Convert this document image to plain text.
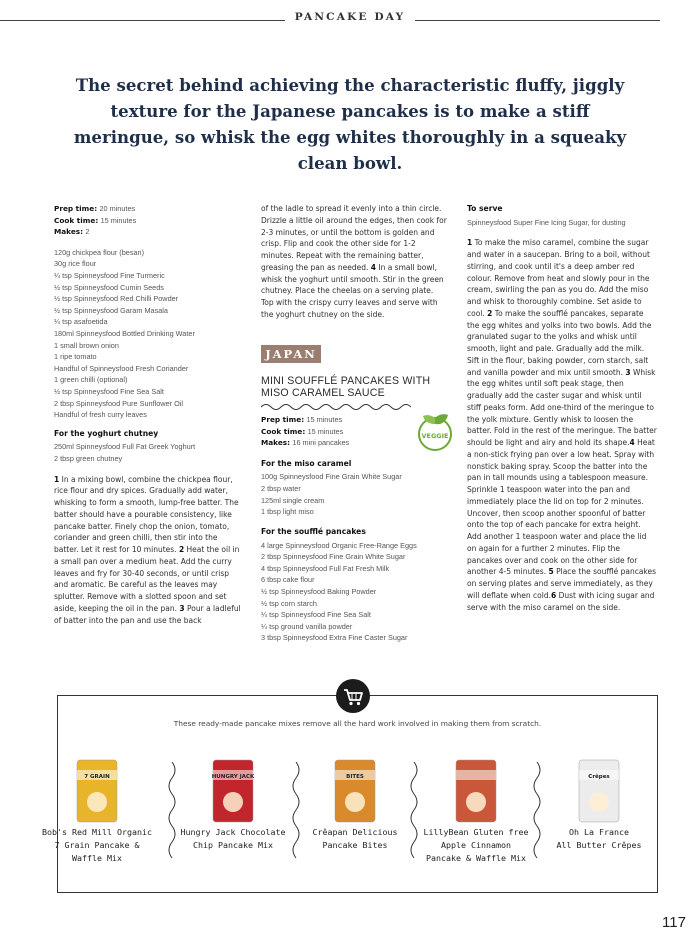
PANCAKE DAY
The secret behind achieving the characteristic fluffy, jiggly texture for the Japanese pancakes is to make a stiff meringue, so whisk the egg whites thoroughly in a squeaky clean bowl.
Prep time: 20 minutes
Cook time: 15 minutes
Makes: 2
120g chickpea flour (besan)
30g rice flour
¼ tsp Spinneysfood Fine Turmeric
½ tsp Spinneysfood Cumin Seeds
½ tsp Spinneysfood Red Chilli Powder
½ tsp Spinneysfood Garam Masala
¼ tsp asafoetida
180ml Spinneysfood Bottled Drinking Water
1 small brown onion
1 ripe tomato
Handful of Spinneysfood Fresh Coriander
1 green chilli (optional)
½ tsp Spinneysfood Fine Sea Salt
2 tbsp Spinneysfood Pure Sunflower Oil
Handful of fresh curry leaves
For the yoghurt chutney
250ml Spinneysfood Full Fat Greek Yoghurt
2 tbsp green chutney

1 In a mixing bowl, combine the chickpea flour, rice flour and dry spices. Gradually add water, whisking to form a smooth, lump-free batter. The batter should have a pourable consistency, like pancake batter. Finely chop the onion, tomato, coriander and green chilli, then stir into the batter. Let it rest for 10 minutes. 2 Heat the oil in a small pan over a medium heat. Add the curry leaves and fry for 30-40 seconds, or until crisp and aromatic. Be careful as the leaves may splutter. Remove with a slotted spoon and set aside, keeping the oil in the pan. 3 Pour a ladleful of batter into the pan and use the back

of the ladle to spread it evenly into a thin circle. Drizzle a little oil around the edges, then cook for 2-3 minutes, or until the bottom is golden and crisp. Flip and cook the other side for 1-2 minutes. Repeat with the remaining batter, greasing the pan as needed. 4 In a small bowl, whisk the yoghurt until smooth. Stir in the green chutney. Place the cheelas on a serving plate. Top with the crispy curry leaves and serve with the yoghurt chutney on the side.

JAPAN
MINI SOUFFLÉ PANCAKES WITH MISO CARAMEL SAUCE
VEGGIE
Prep time: 15 minutes
Cook time: 15 minutes
Makes: 16 mini pancakes
For the miso caramel
100g Spinneysfood Fine Grain White Sugar
2 tbsp water
125ml single cream
1 tbsp light miso
For the soufflé pancakes
4 large Spinneysfood Organic Free-Range Eggs
2 tbsp Spinneysfood Fine Grain White Sugar
4 tbsp Spinneysfood Full Fat Fresh Milk
6 tbsp cake flour
½ tsp Spinneysfood Baking Powder
½ tsp corn starch
¼ tsp Spinneysfood Fine Sea Salt
¼ tsp ground vanilla powder
3 tbsp Spinneysfood Extra Fine Caster Sugar
To serve
Spinneysfood Super Fine Icing Sugar, for dusting

1 To make the miso caramel, combine the sugar and water in a saucepan. Bring to a boil, without stirring, and cook until it's a deep amber red colour. Remove from heat and slowly pour in the cream, swirling the pan as you do. Add the miso and whisk to thoroughly combine. Set aside to cool. 2 To make the soufflé pancakes, separate the egg whites and yolks into two bowls. Add the granulated sugar to the yolks and whisk until smooth, light and pale. Gradually add the milk. Sift in the flour, baking powder, corn starch, salt and vanilla powder and mix until smooth. 3 Whisk the egg whites until soft peak stage, then gradually add the caster sugar and whisk until stiff peaks form. Add one-third of the meringue to the yolk mixture. Gently whisk to loosen the batter. Fold in the rest of the meringue. The batter should be light and airy and hold its shape.4 Heat a non-stick frying pan over a low heat. Spray with nonstick baking spray. Scoop the batter into the pan in tall mounds using a tablespoon measure. Sprinkle 1 teaspoon water into the pan and immediately place the lid on top for 2 minutes. Uncover, then scoop another spoonful of batter onto the top of each pancake for extra height. Add another 1 teaspoon water and place the lid on again for a further 2 minutes. Flip the pancakes over and cook on the other side for another 4-5 minutes. 5 Place the soufflé pancakes on serving plates and serve immediately, as they will deflate when cold.6 Dust with icing sugar and serve with the miso caramel on the side.

These ready-made pancake mixes remove all the hard work involved in making them from scratch.
7 GRAIN
Bob's Red Mill Organic
7 Grain Pancake &
Waffle Mix
HUNGRY JACK
Hungry Jack Chocolate
Chip Pancake Mix
BITES
Crêapan Delicious
Pancake Bites
LillyBean Gluten free
Apple Cinnamon
Pancake & Waffle Mix
Crêpes
Oh La France
All Butter Crêpes
117
